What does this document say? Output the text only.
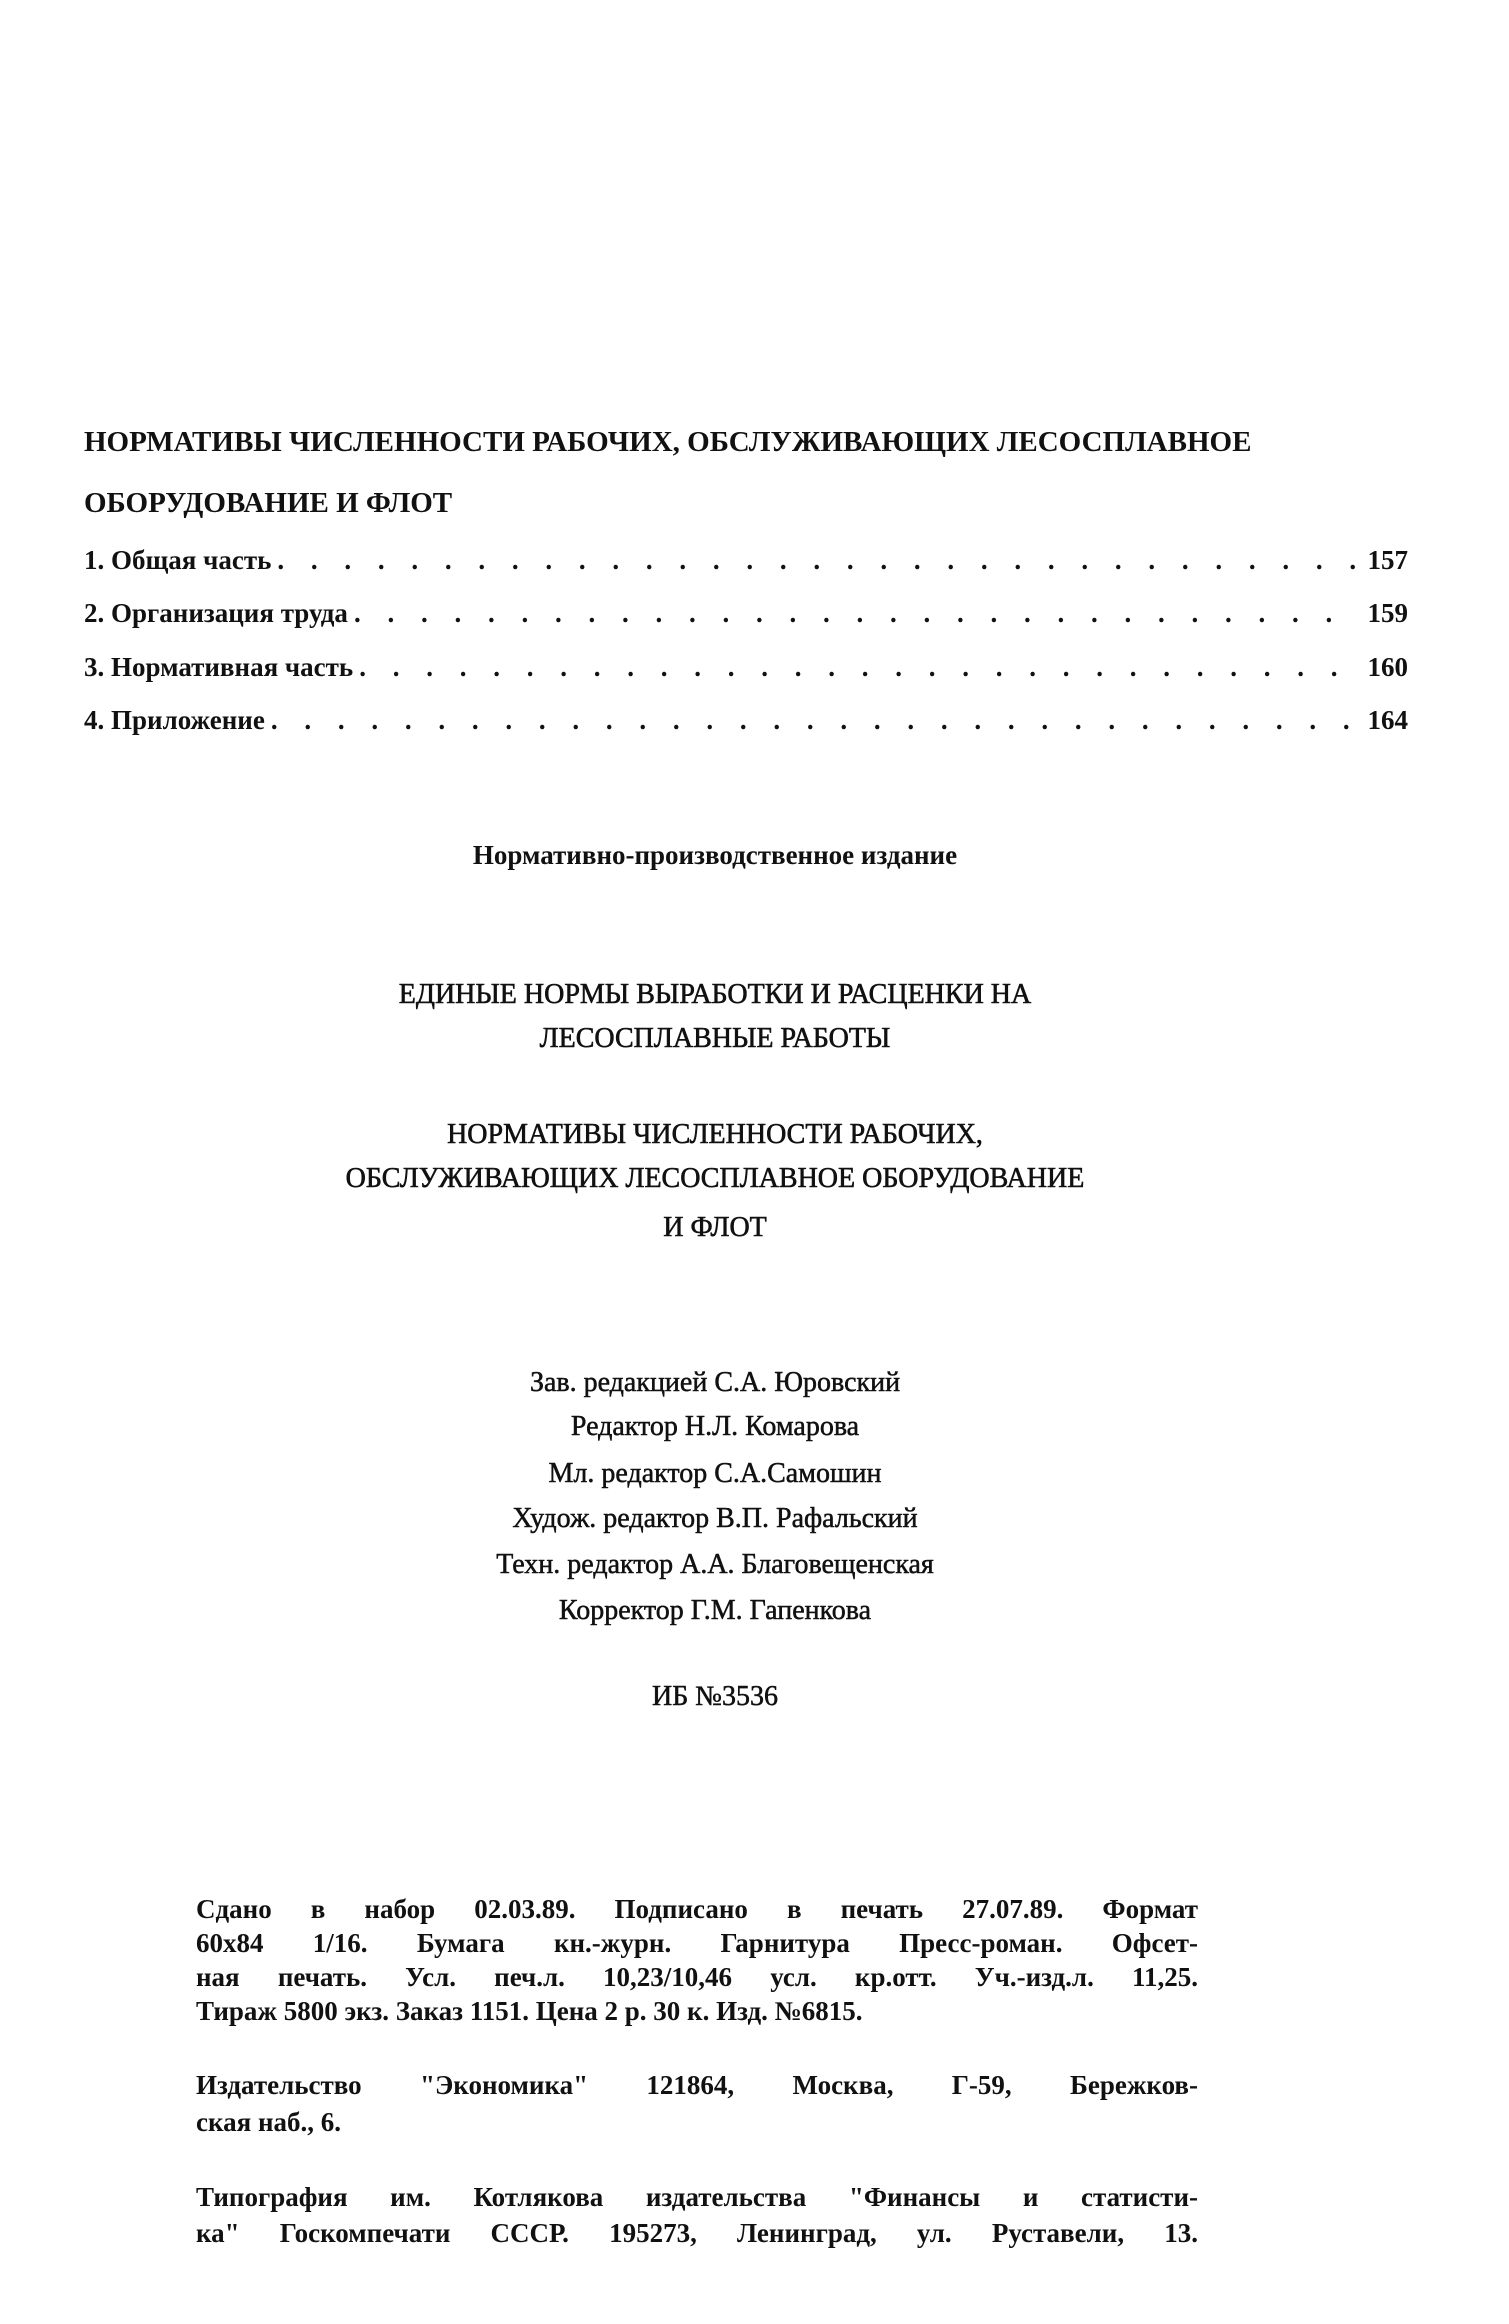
НОРМАТИВЫ ЧИСЛЕННОСТИ РАБОЧИХ, ОБСЛУЖИВАЮЩИХ ЛЕСОСПЛАВНОЕ
ОБОРУДОВАНИЕ И ФЛОТ
1. Общая часть . . .	157
2. Организация труда . . .	159
3. Нормативная часть . . .	160
4. Приложение . . .	164
Нормативно-производственное издание
ЕДИНЫЕ НОРМЫ ВЫРАБОТКИ И РАСЦЕНКИ НА
ЛЕСОСПЛАВНЫЕ РАБОТЫ
НОРМАТИВЫ ЧИСЛЕННОСТИ РАБОЧИХ,
ОБСЛУЖИВАЮЩИХ ЛЕСОСПЛАВНОЕ ОБОРУДОВАНИЕ
И ФЛОТ
Зав. редакцией С.А. Юровский
Редактор Н.Л. Комарова
Мл. редактор С.А.Самошин
Худож. редактор В.П. Рафальский
Техн. редактор А.А. Благовещенская
Корректор Г.М. Гапенкова
ИБ №3536
Сдано в набор 02.03.89. Подписано в печать 27.07.89. Формат
60x84 1/16. Бумага кн.-журн. Гарнитура Пресс-роман. Офсет-
ная печать. Усл. печ.л. 10,23/10,46 усл. кр.отт. Уч.-изд.л. 11,25.
Тираж 5800 экз. Заказ 1151. Цена 2 р. 30 к. Изд. №6815.
Издательство "Экономика" 121864, Москва, Г-59, Бережков-
ская наб., 6.
Типография им. Котлякова издательства "Финансы и статисти-
ка" Госкомпечати СССР. 195273, Ленинград, ул. Руставели, 13.
